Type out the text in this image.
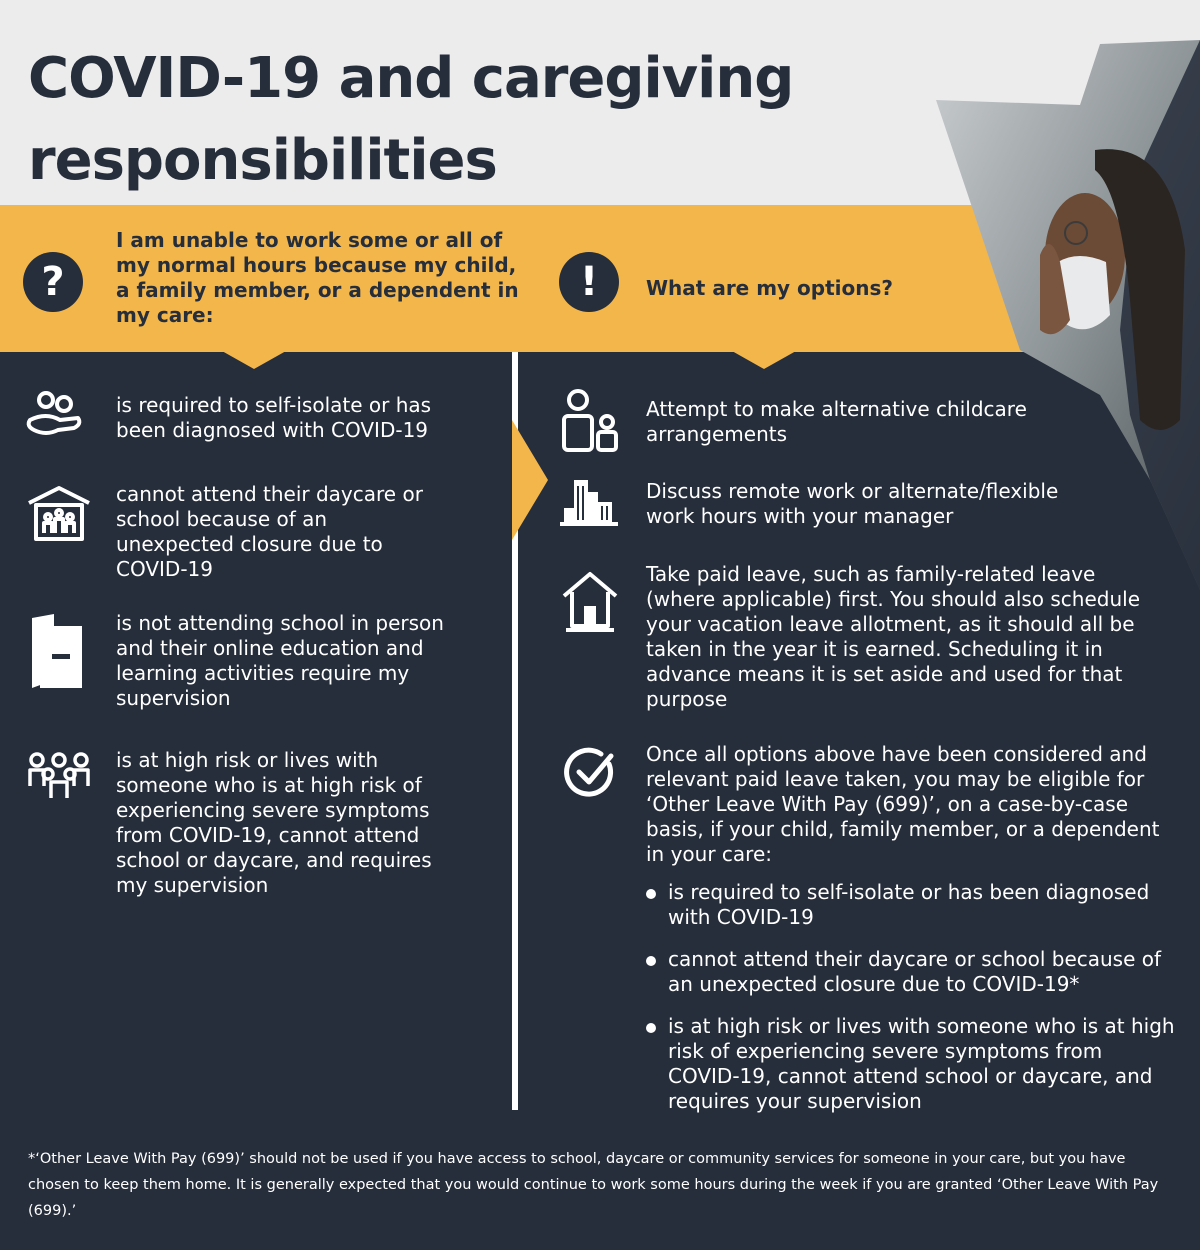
COVID-19 and caregiving responsibilities
?
I am unable to work some or all of my normal hours because my child, a family member, or a dependent in my care:
!	What are my options?
is required to self-isolate or has been diagnosed with COVID-19
cannot attend their daycare or school because of an unexpected closure due to COVID-19
is not attending school in person and their online education and learning activities require my supervision
is at high risk or lives with someone who is at high risk of experiencing severe symptoms from COVID-19, cannot attend school or daycare, and requires my supervision
Attempt to make alternative childcare arrangements
Discuss remote work or alternate/flexible work hours with your manager
Take paid leave, such as family-related leave (where applicable) first. You should also schedule your vacation leave allotment, as it should all be taken in the year it is earned. Scheduling it in advance means it is set aside and used for that purpose
Once all options above have been considered and relevant paid leave taken, you may be eligible for ‘Other Leave With Pay (699)’, on a case-by-case basis, if your child, family member, or a dependent in your care:
is required to self-isolate or has been diagnosed with COVID-19
cannot attend their daycare or school because of an unexpected closure due to COVID-19*
is at high risk or lives with someone who is at high risk of experiencing severe symptoms from COVID-19, cannot attend school or daycare, and requires your supervision
*‘Other Leave With Pay (699)’ should not be used if you have access to school, daycare or community services for someone in your care, but you have chosen to keep them home. It is generally expected that you would continue to work some hours during the week if you are granted ‘Other Leave With Pay (699).’
